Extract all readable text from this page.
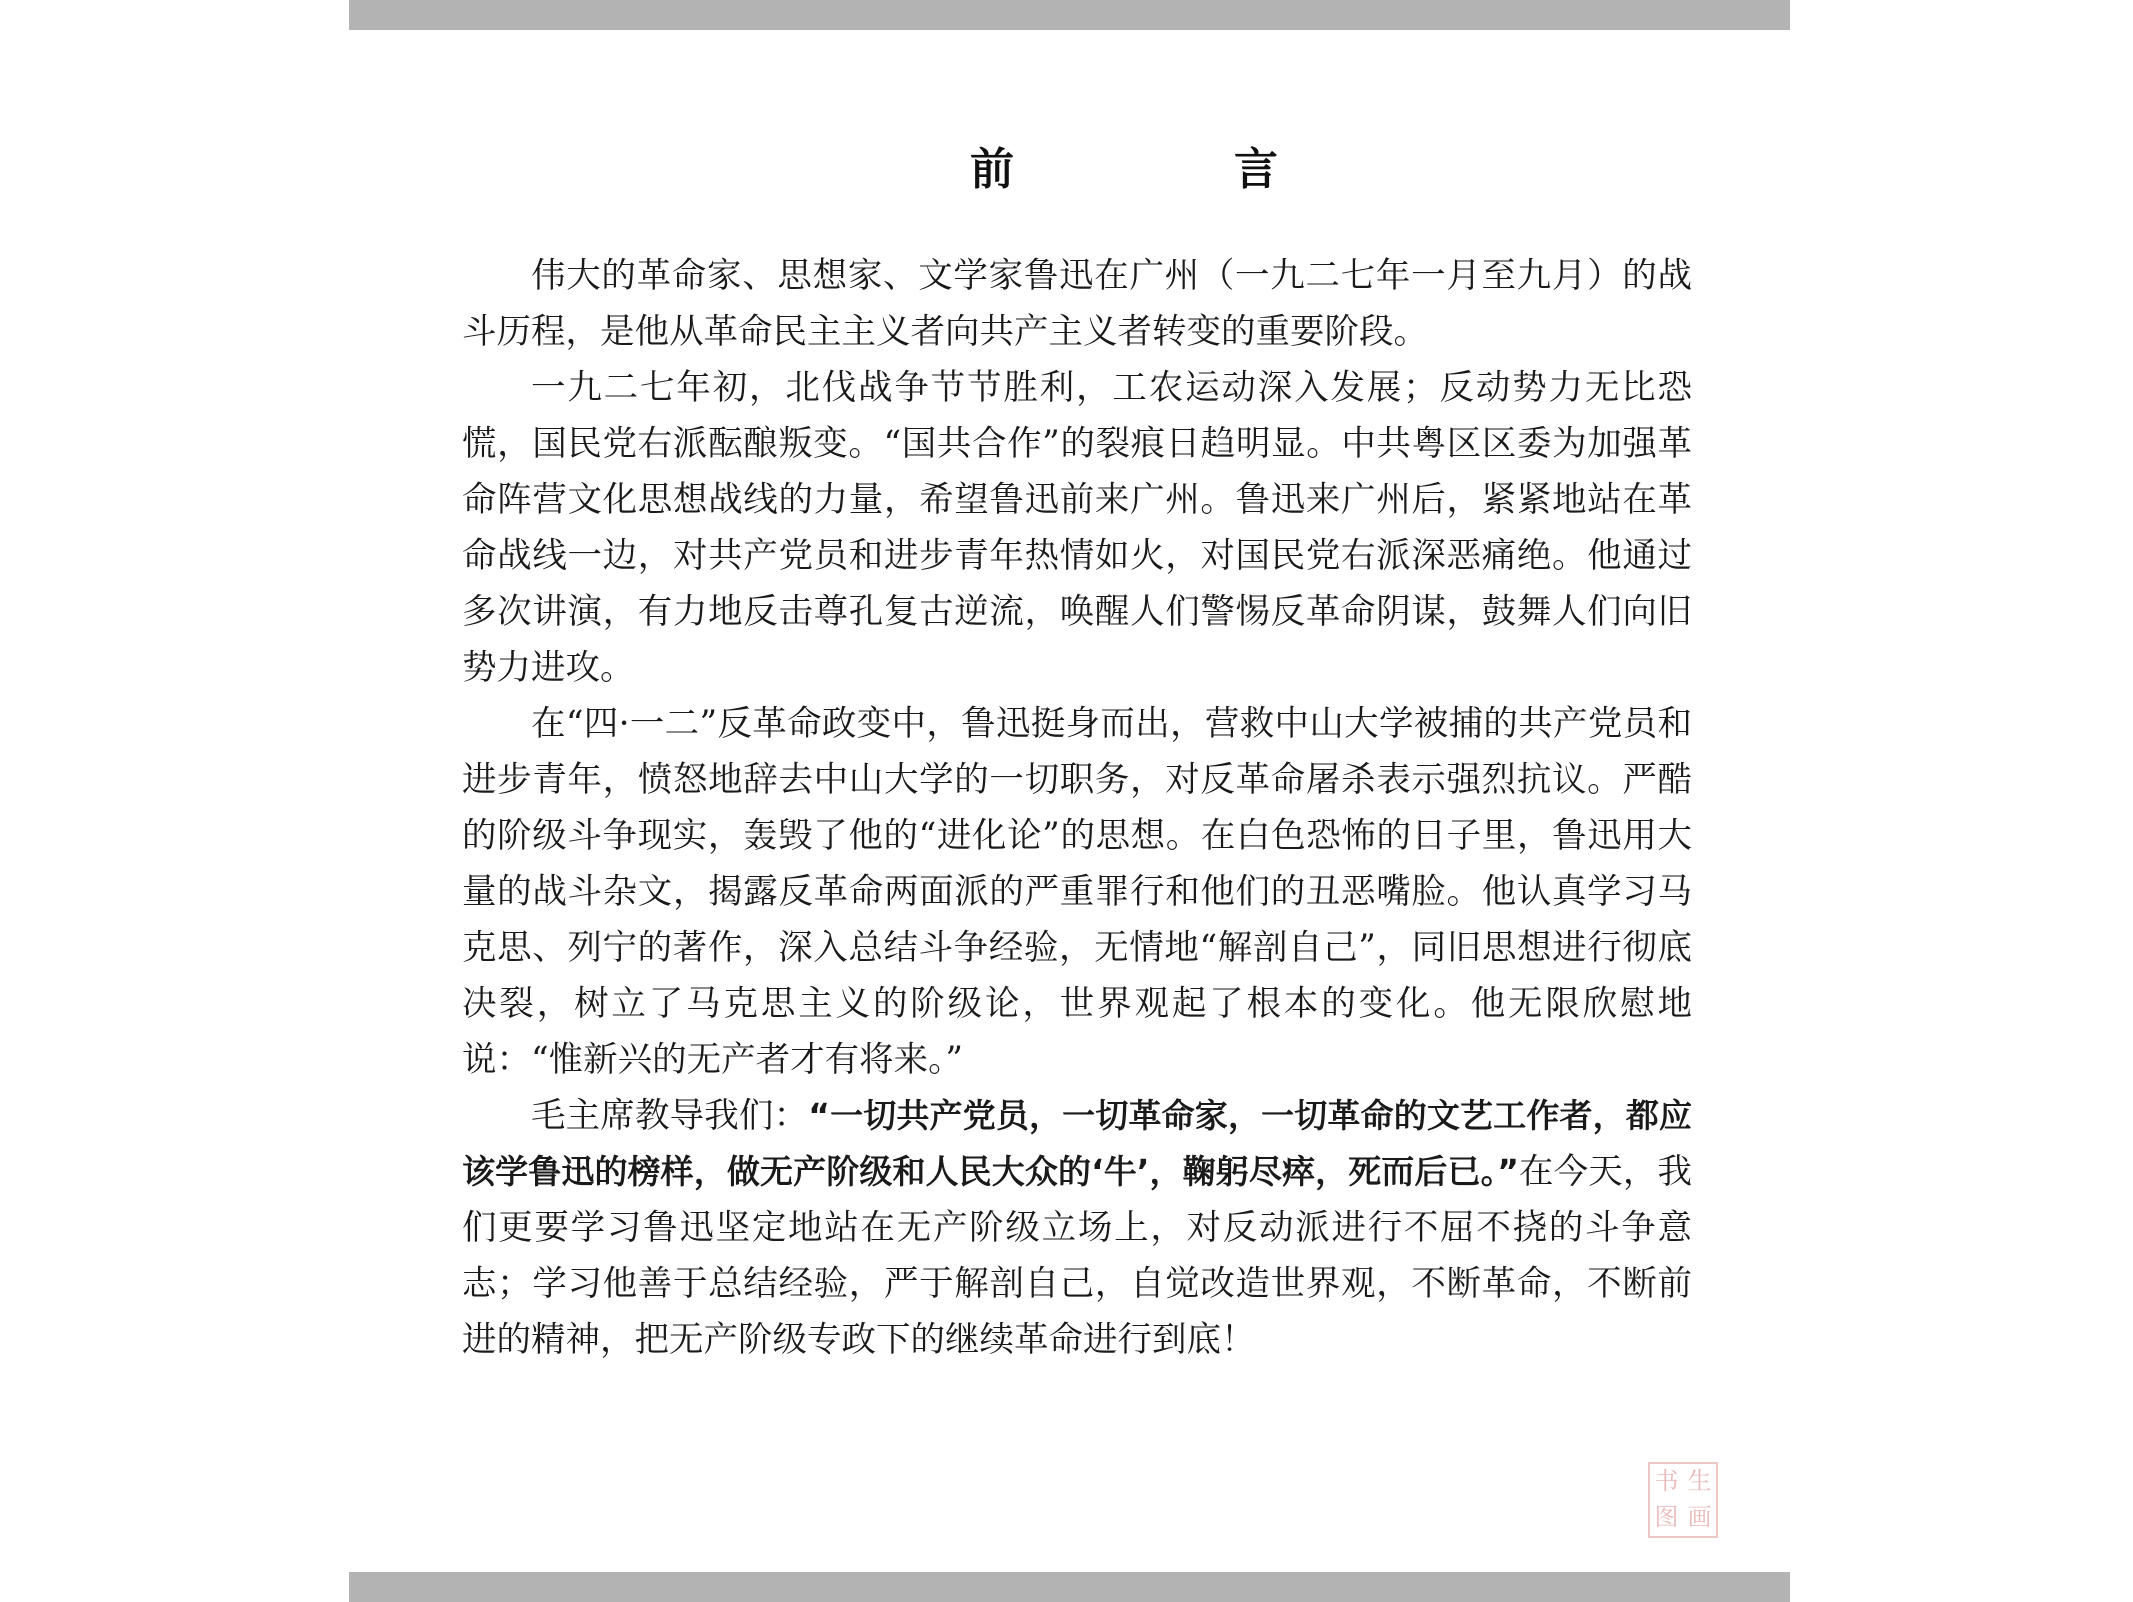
前　言

伟大的革命家、思想家、文学家鲁迅在广州（一九二七年一月至九月）的战斗历程，是他从革命民主主义者向共产主义者转变的重要阶段。

一九二七年初，北伐战争节节胜利，工农运动深入发展；反动势力无比恐慌，国民党右派酝酿叛变。“国共合作”的裂痕日趋明显。中共粤区区委为加强革命阵营文化思想战线的力量，希望鲁迅前来广州。鲁迅来广州后，紧紧地站在革命战线一边，对共产党员和进步青年热情如火，对国民党右派深恶痛绝。他通过多次讲演，有力地反击尊孔复古逆流，唤醒人们警惕反革命阴谋，鼓舞人们向旧势力进攻。

在“四·一二”反革命政变中，鲁迅挺身而出，营救中山大学被捕的共产党员和进步青年，愤怒地辞去中山大学的一切职务，对反革命屠杀表示强烈抗议。严酷的阶级斗争现实，轰毁了他的“进化论”的思想。在白色恐怖的日子里，鲁迅用大量的战斗杂文，揭露反革命两面派的严重罪行和他们的丑恶嘴脸。他认真学习马克思、列宁的著作，深入总结斗争经验，无情地“解剖自己”，同旧思想进行彻底决裂，树立了马克思主义的阶级论，世界观起了根本的变化。他无限欣慰地说：“惟新兴的无产者才有将来。”

毛主席教导我们：“一切共产党员，一切革命家，一切革命的文艺工作者，都应该学鲁迅的榜样，做无产阶级和人民大众的‘牛’，鞠躬尽瘁，死而后已。”在今天，我们更要学习鲁迅坚定地站在无产阶级立场上，对反动派进行不屈不挠的斗争意志；学习他善于总结经验，严于解剖自己，自觉改造世界观，不断革命，不断前进的精神，把无产阶级专政下的继续革命进行到底！

书 生
图 画
